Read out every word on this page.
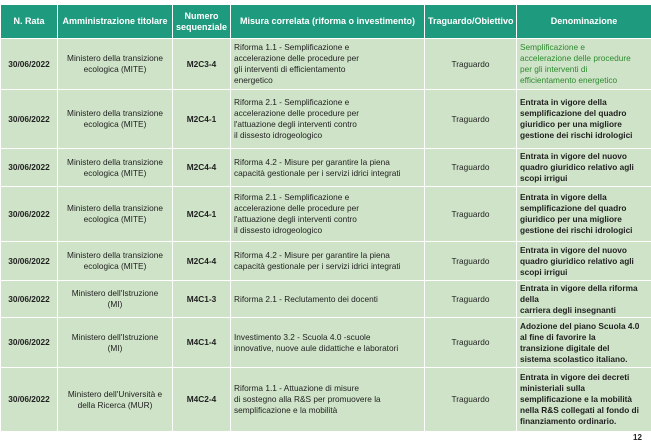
N. Rata	Amministrazione titolare	Numero sequenziale	Misura correlata (riforma o investimento)	Traguardo/Obiettivo	Denominazione
30/06/2022	Ministero della transizione
ecologica (MITE)	M2C3-4	Riforma 1.1 - Semplificazione e
accelerazione delle procedure per
gli interventi di efficientamento
energetico	Traguardo	Semplificazione e
accelerazione delle procedure
per gli interventi di
efficientamento energetico

30/06/2022	Ministero della transizione
ecologica (MITE)	M2C4-1	Riforma 2.1 - Semplificazione e
accelerazione delle procedure per
l'attuazione degli interventi contro
il dissesto idrogeologico	Traguardo	Entrata in vigore della
semplificazione del quadro
giuridico per una migliore
gestione dei rischi idrologici

30/06/2022	Ministero della transizione
ecologica (MITE)	M2C4-4	Riforma 4.2 - Misure per garantire la piena
capacità gestionale per i servizi idrici integrati	Traguardo	Entrata in vigore del nuovo
quadro giuridico relativo agli
scopi irrigui

30/06/2022	Ministero della transizione
ecologica (MITE)	M2C4-1	Riforma 2.1 - Semplificazione e
accelerazione delle procedure per
l'attuazione degli interventi contro
il dissesto idrogeologico	Traguardo	Entrata in vigore della
semplificazione del quadro
giuridico per una migliore
gestione dei rischi idrologici

30/06/2022	Ministero della transizione
ecologica (MITE)	M2C4-4	Riforma 4.2 - Misure per garantire la piena
capacità gestionale per i servizi idrici integrati	Traguardo	Entrata in vigore del nuovo
quadro giuridico relativo agli
scopi irrigui

30/06/2022	Ministero dell'Istruzione
(MI)	M4C1-3	Riforma 2.1 - Reclutamento dei docenti	Traguardo	Entrata in vigore della riforma
della
carriera degli insegnanti

30/06/2022	Ministero dell'Istruzione
(MI)	M4C1-4	Investimento 3.2 - Scuola 4.0 -scuole
innovative, nuove aule didattiche e laboratori	Traguardo	Adozione del piano Scuola 4.0
al fine di favorire la
transizione digitale del
sistema scolastico italiano.

30/06/2022	Ministero dell'Università e
della Ricerca (MUR)	M4C2-4	Riforma 1.1 - Attuazione di misure
di sostegno alla R&S per promuovere la
semplificazione e la mobilità	Traguardo	Entrata in vigore dei decreti
ministeriali sulla
semplificazione e la mobilità
nella R&S collegati al fondo di
finanziamento ordinario.
12
